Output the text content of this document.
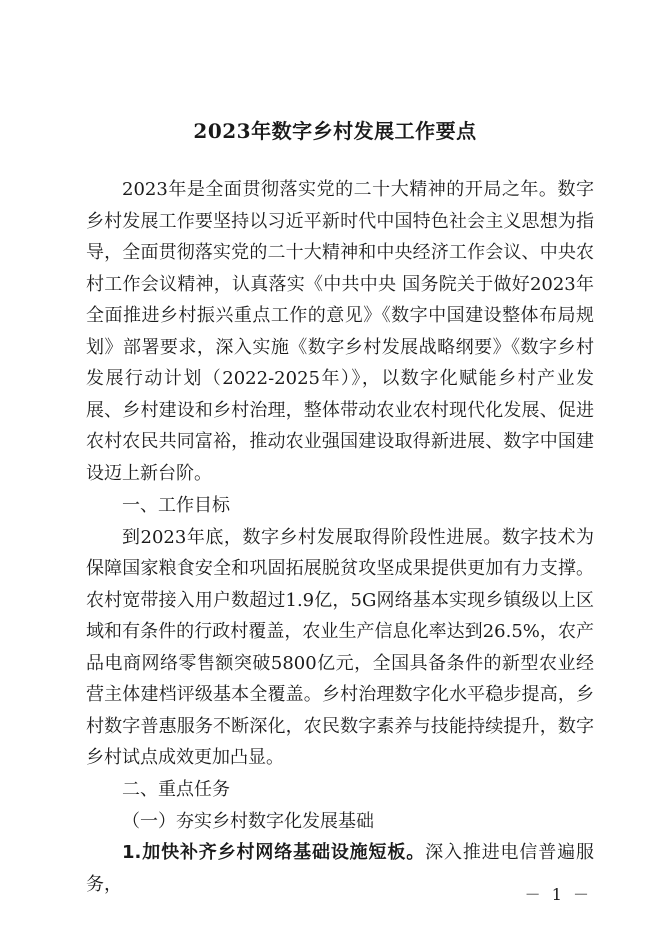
2023年数字乡村发展工作要点

2023年是全面贯彻落实党的二十大精神的开局之年。数字乡村发展工作要坚持以习近平新时代中国特色社会主义思想为指导，全面贯彻落实党的二十大精神和中央经济工作会议、中央农村工作会议精神，认真落实《中共中央 国务院关于做好2023年全面推进乡村振兴重点工作的意见》《数字中国建设整体布局规划》部署要求，深入实施《数字乡村发展战略纲要》《数字乡村发展行动计划（2022-2025年）》，以数字化赋能乡村产业发展、乡村建设和乡村治理，整体带动农业农村现代化发展、促进农村农民共同富裕，推动农业强国建设取得新进展、数字中国建设迈上新台阶。

一、工作目标

到2023年底，数字乡村发展取得阶段性进展。数字技术为保障国家粮食安全和巩固拓展脱贫攻坚成果提供更加有力支撑。农村宽带接入用户数超过1.9亿，5G网络基本实现乡镇级以上区域和有条件的行政村覆盖，农业生产信息化率达到26.5%，农产品电商网络零售额突破5800亿元，全国具备条件的新型农业经营主体建档评级基本全覆盖。乡村治理数字化水平稳步提高，乡村数字普惠服务不断深化，农民数字素养与技能持续提升，数字乡村试点成效更加凸显。

二、重点任务

（一）夯实乡村数字化发展基础

1.加快补齐乡村网络基础设施短板。深入推进电信普遍服务，	－ 1 －
